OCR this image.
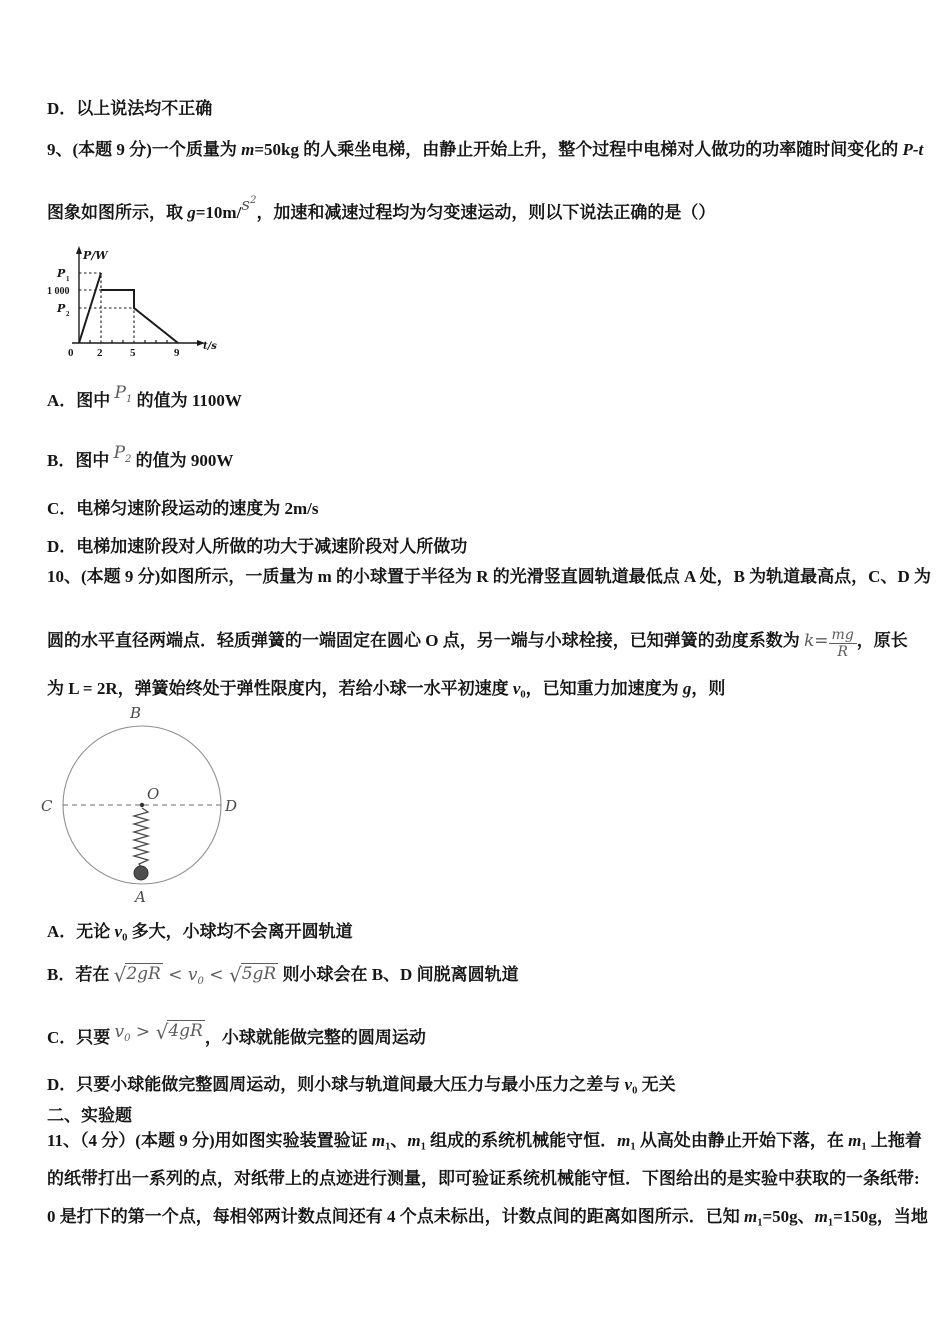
D．以上说法均不正确
9、(本题 9 分)一个质量为 m=50kg 的人乘坐电梯，由静止开始上升，整个过程中电梯对人做功的功率随时间变化的 P-t
图象如图所示，取 $g=10m/s^2$，加速和减速过程均为匀变速运动，则以下说法正确的是（）
P/W
t/s
P 1
1 000
P 2
0 2	5	9
A．图中 $P_1$ 的值为 1100W
B．图中 $P_2$ 的值为 900W
C．电梯匀速阶段运动的速度为 2m/s
D．电梯加速阶段对人所做的功大于减速阶段对人所做功
10、(本题 9 分)如图所示，一质量为 m 的小球置于半径为 R 的光滑竖直圆轨道最低点 A 处，B 为轨道最高点，C、D 为
圆的水平直径两端点．轻质弹簧的一端固定在圆心 O 点，另一端与小球栓接，已知弹簧的劲度系数为 $k= \frac{mg}{R}$ ，原长
为 L = 2R，弹簧始终处于弹性限度内，若给小球一水平初速度 $v_0$，已知重力加速度为 g，则
B
C	D
O
A
A．无论 $v_0$ 多大，小球均不会离开圆轨道
B．若在 $√2gR < v_0 < √5gR$ 则小球会在 B、D 间脱离圆轨道
C．只要 $v_0 > √4gR$ ，小球就能做完整的圆周运动
D．只要小球能做完整圆周运动，则小球与轨道间最大压力与最小压力之差与 $v_0$ 无关
二、实验题
11、（4 分）(本题 9 分)用如图实验装置验证 $m_1$、$m_1$ 组成的系统机械能守恒．$m_1$ 从高处由静止开始下落，在 $m_1$ 上拖着
的纸带打出一系列的点，对纸带上的点迹进行测量，即可验证系统机械能守恒．下图给出的是实验中获取的一条纸带:
0 是打下的第一个点，每相邻两计数点间还有 4 个点未标出，计数点间的距离如图所示．已知 $m_1=50g$、$m_1=150g$，当地
